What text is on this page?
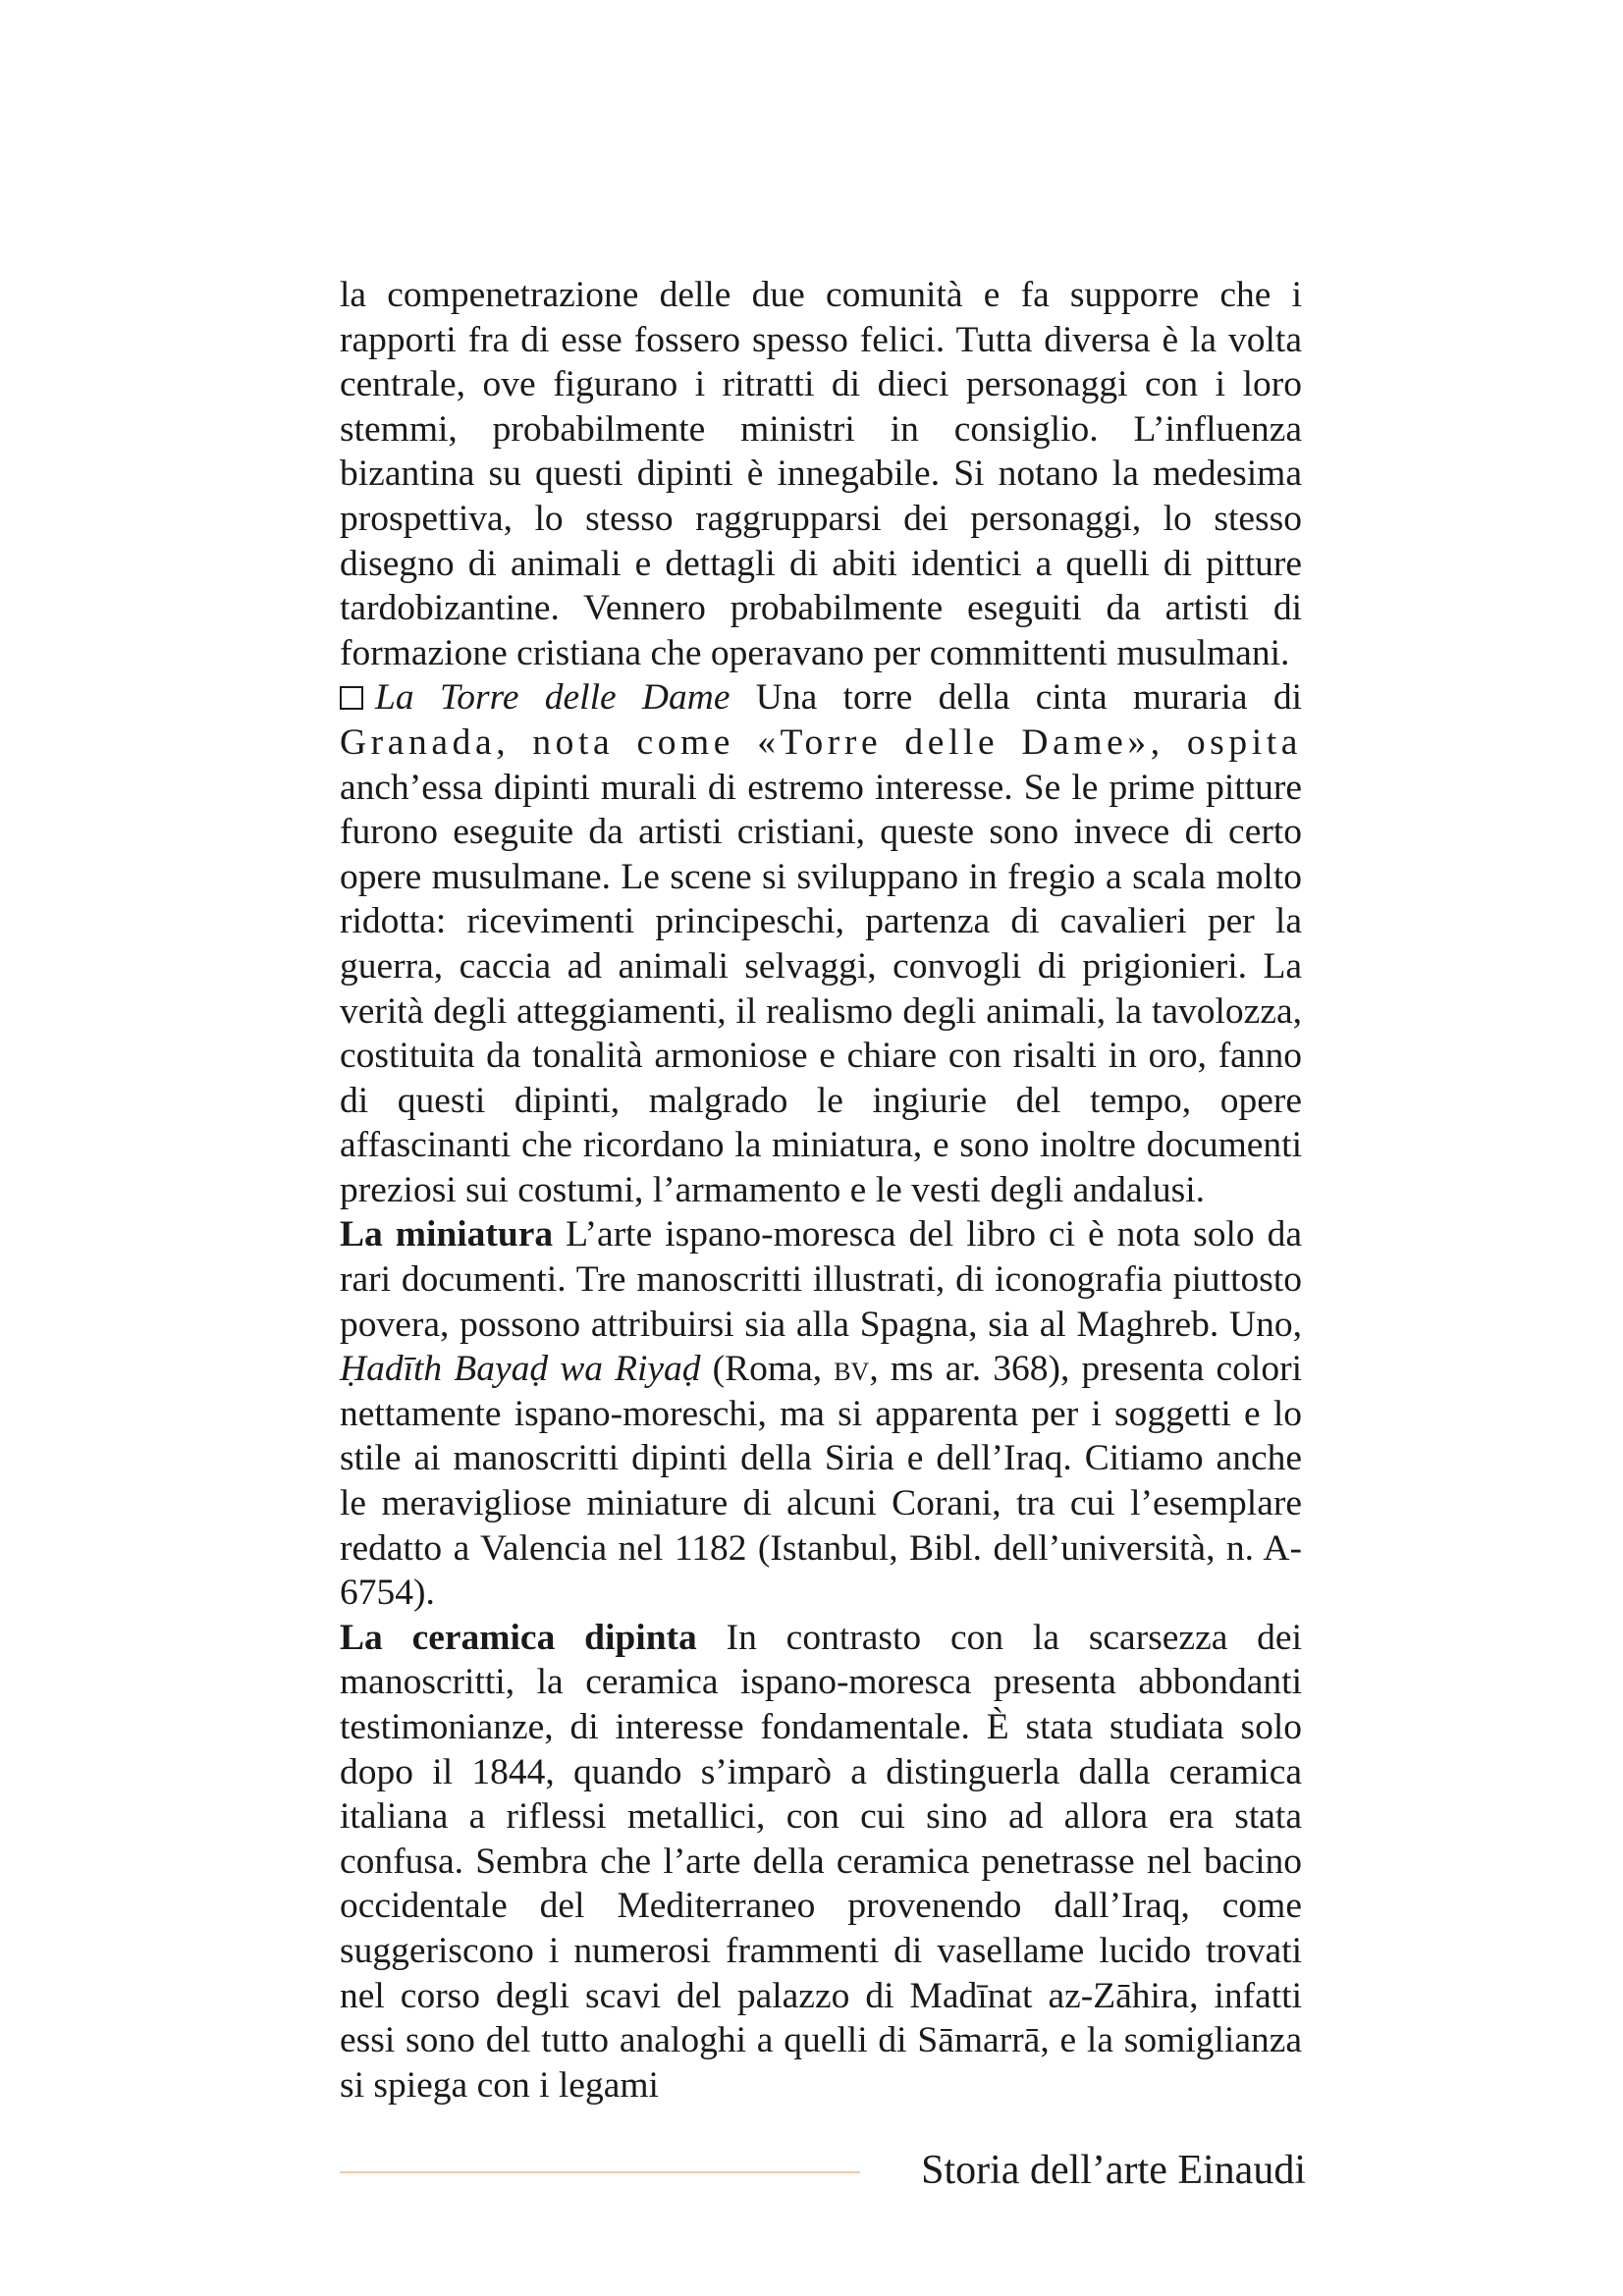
la compenetrazione delle due comunità e fa supporre che i rapporti fra di esse fossero spesso felici. Tutta diversa è la volta centrale, ove figurano i ritratti di dieci personaggi con i loro stemmi, probabilmente ministri in consiglio. L’influenza bizantina su questi dipinti è innegabile. Si notano la medesima prospettiva, lo stesso raggrupparsi dei personaggi, lo stesso disegno di animali e dettagli di abiti identici a quelli di pitture tardobizantine. Vennero probabilmente eseguiti da artisti di formazione cristiana che operavano per committenti musulmani.

La Torre delle Dame Una torre della cinta muraria di Granada, nota come «Torre delle Dame», ospita anch’essa dipinti murali di estremo interesse. Se le prime pitture furono eseguite da artisti cristiani, queste sono invece di certo opere musulmane. Le scene si sviluppano in fregio a scala molto ridotta: ricevimenti principeschi, partenza di cavalieri per la guerra, caccia ad animali selvaggi, convogli di prigionieri. La verità degli atteggiamenti, il realismo degli animali, la tavolozza, costituita da tonalità armoniose e chiare con risalti in oro, fanno di questi dipinti, malgrado le ingiurie del tempo, opere affascinanti che ricordano la miniatura, e sono inoltre documenti preziosi sui costumi, l’armamento e le vesti degli andalusi.

La miniatura L’arte ispano-moresca del libro ci è nota solo da rari documenti. Tre manoscritti illustrati, di iconografia piuttosto povera, possono attribuirsi sia alla Spagna, sia al Maghreb. Uno, Ḥadīth Bayaḍ wa Riyaḍ (Roma, bv, ms ar. 368), presenta colori nettamente ispano-moreschi, ma si apparenta per i soggetti e lo stile ai manoscritti dipinti della Siria e dell’Iraq. Citiamo anche le meravigliose miniature di alcuni Corani, tra cui l’esemplare redatto a Valencia nel 1182 (Istanbul, Bibl. dell’università, n. A-6754).

La ceramica dipinta In contrasto con la scarsezza dei manoscritti, la ceramica ispano-moresca presenta abbondanti testimonianze, di interesse fondamentale. È stata studiata solo dopo il 1844, quando s’imparò a distinguerla dalla ceramica italiana a riflessi metallici, con cui sino ad allora era stata confusa. Sembra che l’arte della ceramica penetrasse nel bacino occidentale del Mediterraneo provenendo dall’Iraq, come suggeriscono i numerosi frammenti di vasellame lucido trovati nel corso degli scavi del palazzo di Madīnat az-Zāhira, infatti essi sono del tutto analoghi a quelli di Sāmarrā, e la somiglianza si spiega con i legami

Storia dell’arte Einaudi
